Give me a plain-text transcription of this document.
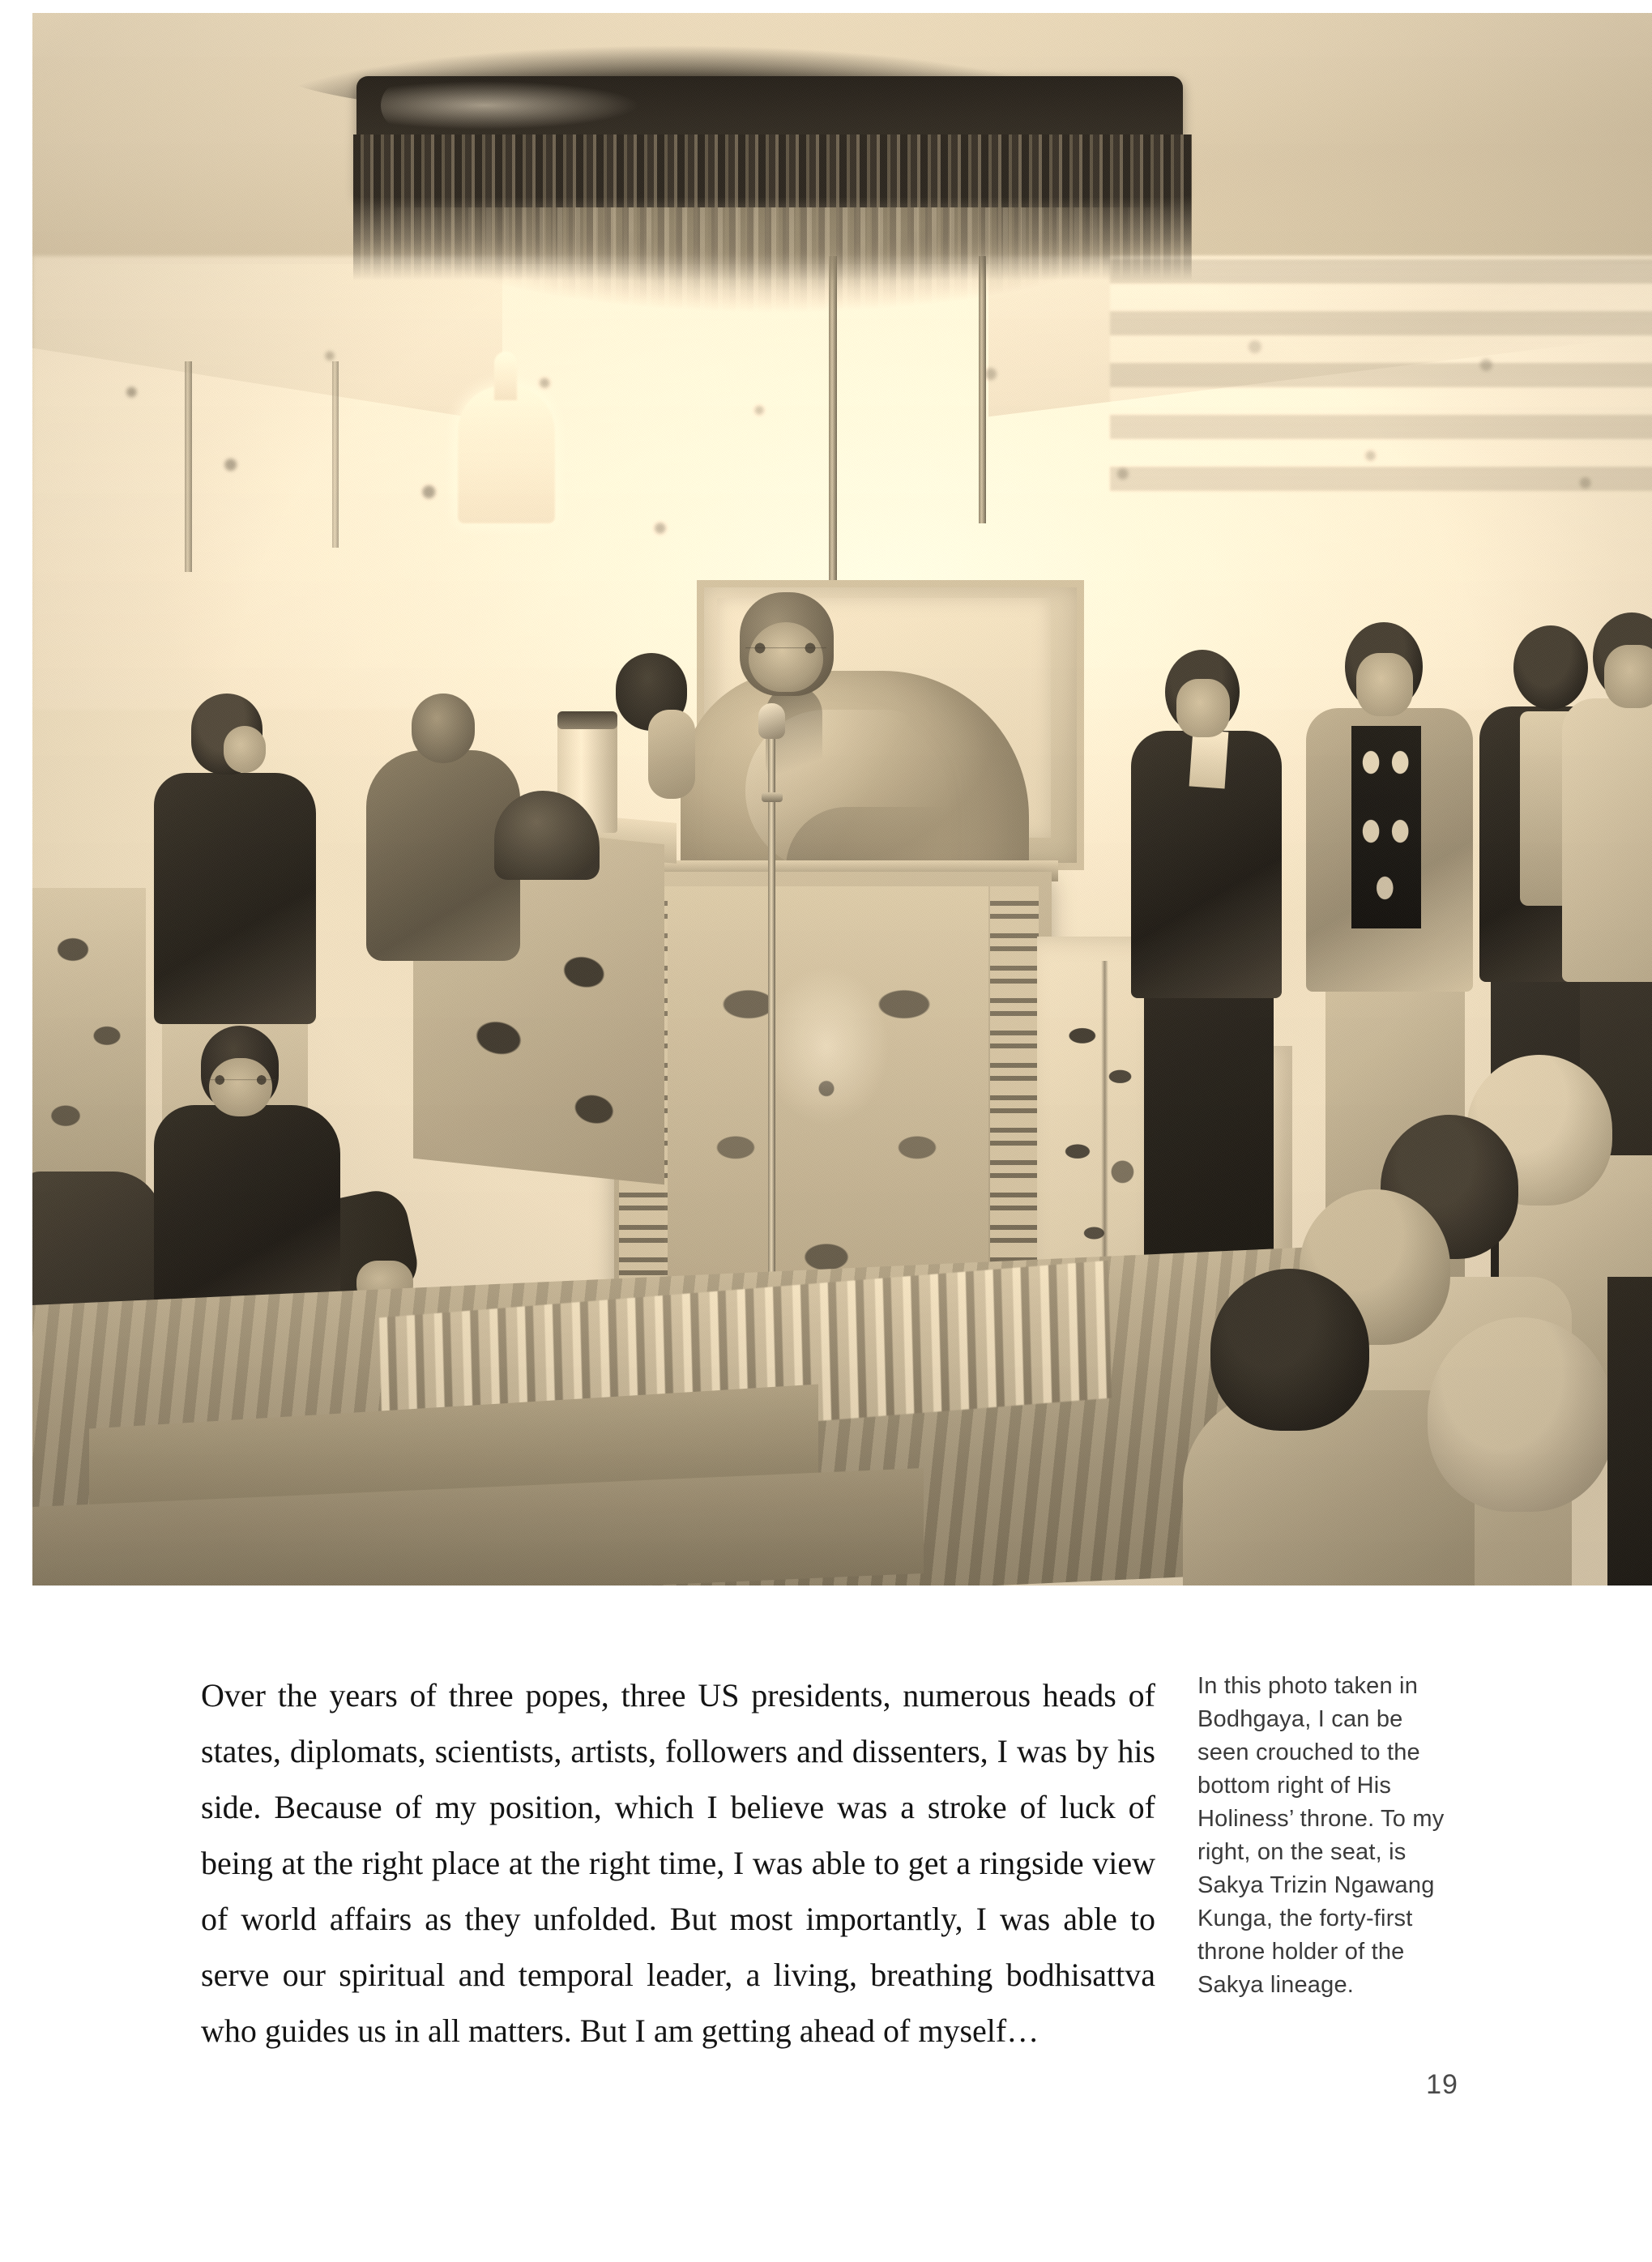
Over the years of three popes, three US presidents, numerous heads of states, diplomats, scientists, artists, followers and dissenters, I was by his side. Because of my position, which I believe was a stroke of luck of being at the right place at the right time, I was able to get a ringside view of world affairs as they unfolded. But most importantly, I was able to serve our spiritual and temporal leader, a living, breathing bodhisattva who guides us in all matters. But I am getting ahead of myself…

In this photo taken in Bodhgaya, I can be seen crouched to the bottom right of His Holiness’ throne. To my right, on the seat, is Sakya Trizin Ngawang Kunga, the forty-first throne holder of the Sakya lineage.

19
